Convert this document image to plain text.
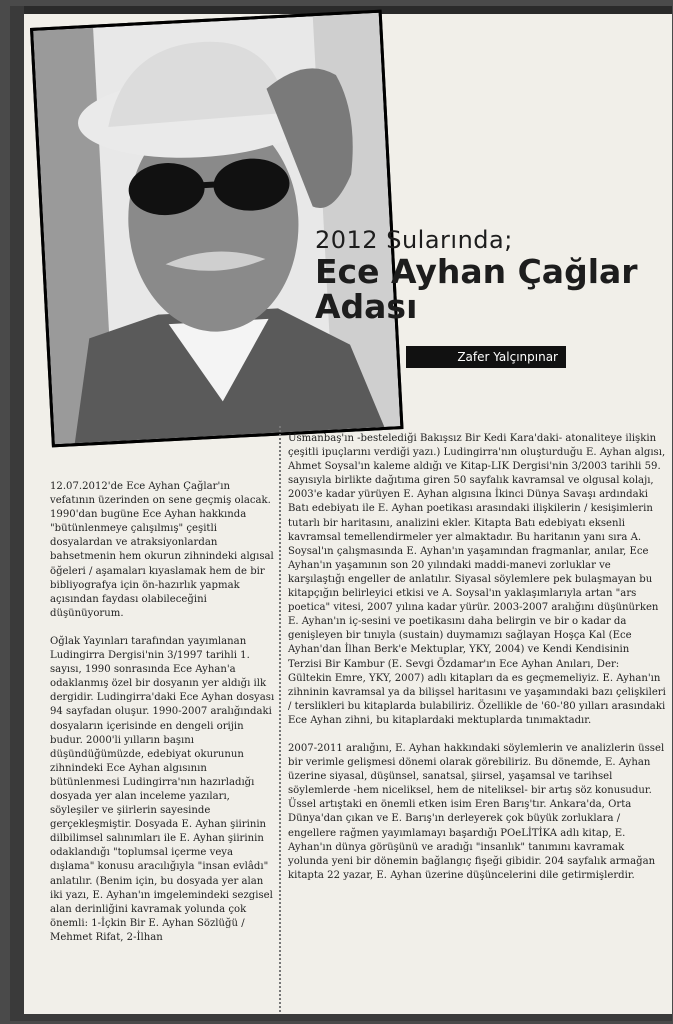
2012 Sularında;
Ece Ayhan Çağlar
Adası
Zafer Yalçınpınar

12.07.2012'de Ece Ayhan Çağlar'ın vefatının üzerinden on sene geçmiş olacak. 1990'dan bugüne Ece Ayhan hakkında "bütünlenmeye çalışılmış" çeşitli dosyalardan ve atraksiyonlardan bahsetmenin hem okurun zihnindeki algısal öğeleri / aşamaları kıyaslamak hem de bir bibliyografya için ön-hazırlık yapmak açısından faydası olabileceğini düşünüyorum.

Oğlak Yayınları tarafından yayımlanan Ludingirra Dergisi'nin 3/1997 tarihli 1. sayısı, 1990 sonrasında Ece Ayhan'a odaklanmış özel bir dosyanın yer aldığı ilk dergidir. Ludingirra'daki Ece Ayhan dosyası 94 sayfadan oluşur. 1990-2007 aralığındaki dosyaların içerisinde en dengeli orijin budur. 2000'li yılların başını düşündüğümüzde, edebiyat okurunun zihnindeki Ece Ayhan algısının bütünlenmesi Ludingirra'nın hazırladığı dosyada yer alan inceleme yazıları, söyleşiler ve şiirlerin sayesinde gerçekleşmiştir. Dosyada E. Ayhan şiirinin dilbilimsel salınımları ile E. Ayhan şiirinin odaklandığı "toplumsal içerme veya dışlama" konusu aracılığıyla "insan evlâdı" anlatılır. (Benim için, bu dosyada yer alan iki yazı, E. Ayhan'ın imgelemindeki sezgisel alan derinliğini kavramak yolunda çok önemli: 1-İçkin Bir E. Ayhan Sözlüğü / Mehmet Rifat, 2-İlhan

Usmanbaş'ın -bestelediği Bakışsız Bir Kedi Kara'daki- atonaliteye ilişkin çeşitli ipuçlarını verdiği yazı.) Ludingirra'nın oluşturduğu E. Ayhan algısı, Ahmet Soysal'ın kaleme aldığı ve Kitap-LIK Dergisi'nin 3/2003 tarihli 59. sayısıyla birlikte dağıtıma giren 50 sayfalık kavramsal ve olgusal kolajı, 2003'e kadar yürüyen E. Ayhan algısına İkinci Dünya Savaşı ardındaki Batı edebiyatı ile E. Ayhan poetikası arasındaki ilişkilerin / kesişimlerin tutarlı bir haritasını, analizini ekler. Kitapta Batı edebiyatı eksenli kavramsal temellendirmeler yer almaktadır. Bu haritanın yanı sıra A. Soysal'ın çalışmasında E. Ayhan'ın yaşamından fragmanlar, anılar, Ece Ayhan'ın yaşamının son 20 yılındaki maddi-manevi zorluklar ve karşılaştığı engeller de anlatılır. Siyasal söylemlere pek bulaşmayan bu kitapçığın belirleyici etkisi ve A. Soysal'ın yaklaşımlarıyla artan "ars poetica" vitesi, 2007 yılına kadar yürür. 2003-2007 aralığını düşünürken E. Ayhan'ın iç-sesini ve poetikasını daha belirgin ve bir o kadar da genişleyen bir tınıyla (sustain) duymamızı sağlayan Hoşça Kal (Ece Ayhan'dan İlhan Berk'e Mektuplar, YKY, 2004) ve Kendi Kendisinin Terzisi Bir Kambur (E. Sevgi Özdamar'ın Ece Ayhan Anıları, Der: Gültekin Emre, YKY, 2007) adlı kitapları da es geçmemeliyiz. E. Ayhan'ın zihninin kavramsal ya da bilişsel haritasını ve yaşamındaki bazı çelişkileri / terslikleri bu kitaplarda bulabiliriz. Özellikle de '60-'80 yılları arasındaki Ece Ayhan zihni, bu kitaplardaki mektuplarda tınımaktadır.

2007-2011 aralığını, E. Ayhan hakkındaki söylemlerin ve analizlerin üssel bir verimle gelişmesi dönemi olarak görebiliriz. Bu dönemde, E. Ayhan üzerine siyasal, düşünsel, sanatsal, şiirsel, yaşamsal ve tarihsel söylemlerde -hem niceliksel, hem de niteliksel- bir artış söz konusudur. Üssel artıştaki en önemli etken isim Eren Barış'tır. Ankara'da, Orta Dünya'dan çıkan ve E. Barış'ın derleyerek çok büyük zorluklara / engellere rağmen yayımlamayı başardığı POeLİTİKA adlı kitap, E. Ayhan'ın dünya görüşünü ve aradığı "insanlık" tanımını kavramak yolunda yeni bir dönemin bağlangıç fişeği gibidir. 204 sayfalık armağan kitapta 22 yazar, E. Ayhan üzerine düşüncelerini dile getirmişlerdir.
